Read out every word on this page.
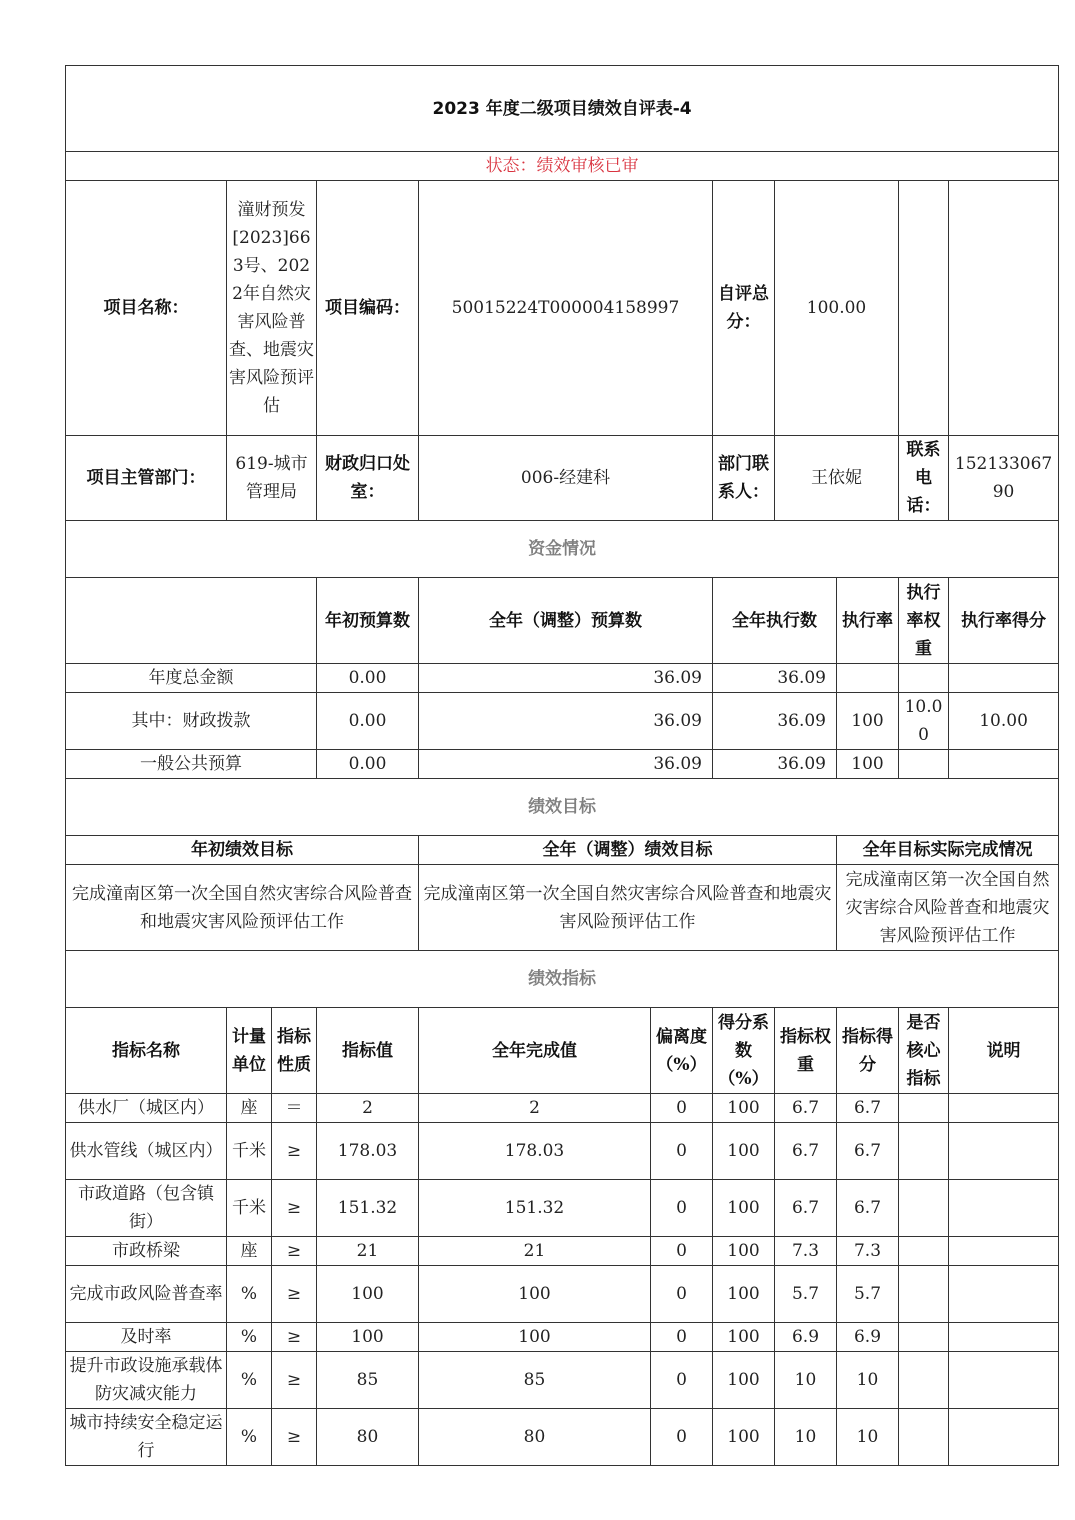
2023 年度二级项目绩效自评表-4										
状态：绩效审核已审										
项目名称：	潼财预发[2023]663号、2022年自然灾害风险普查、地震灾害风险预评估		项目编码：	50015224T000004158997		自评总分：	100.00			
项目主管部门：	619-城市管理局		财政归口处室：	006-经建科		部门联系人：	王依妮		联系电话：	15213306790
资金情况										
			年初预算数	全年（调整）预算数		全年执行数		执行率	执行率权重	执行率得分
年度总金额			0.00	36.09		36.09				
其中：财政拨款			0.00	36.09		36.09		100	10.00	10.00
一般公共预算			0.00	36.09		36.09		100		
绩效目标										
年初绩效目标				全年（调整）绩效目标				全年目标实际完成情况		
完成潼南区第一次全国自然灾害综合风险普查和地震灾害风险预评估工作				完成潼南区第一次全国自然灾害综合风险普查和地震灾害风险预评估工作				完成潼南区第一次全国自然灾害综合风险普查和地震灾害风险预评估工作		
绩效指标										
指标名称	计量单位	指标性质	指标值	全年完成值	偏离度（%）	得分系数（%）	指标权重	指标得分	是否核心指标	说明
供水厂（城区内）	座	＝	2	2	0	100	6.7	6.7		
供水管线（城区内）	千米	≥	178.03	178.03	0	100	6.7	6.7		
市政道路（包含镇街）	千米	≥	151.32	151.32	0	100	6.7	6.7		
市政桥梁	座	≥	21	21	0	100	7.3	7.3		
完成市政风险普查率	%	≥	100	100	0	100	5.7	5.7		
及时率	%	≥	100	100	0	100	6.9	6.9		
提升市政设施承载体防灾减灾能力	%	≥	85	85	0	100	10	10		
城市持续安全稳定运行	%	≥	80	80	0	100	10	10		
